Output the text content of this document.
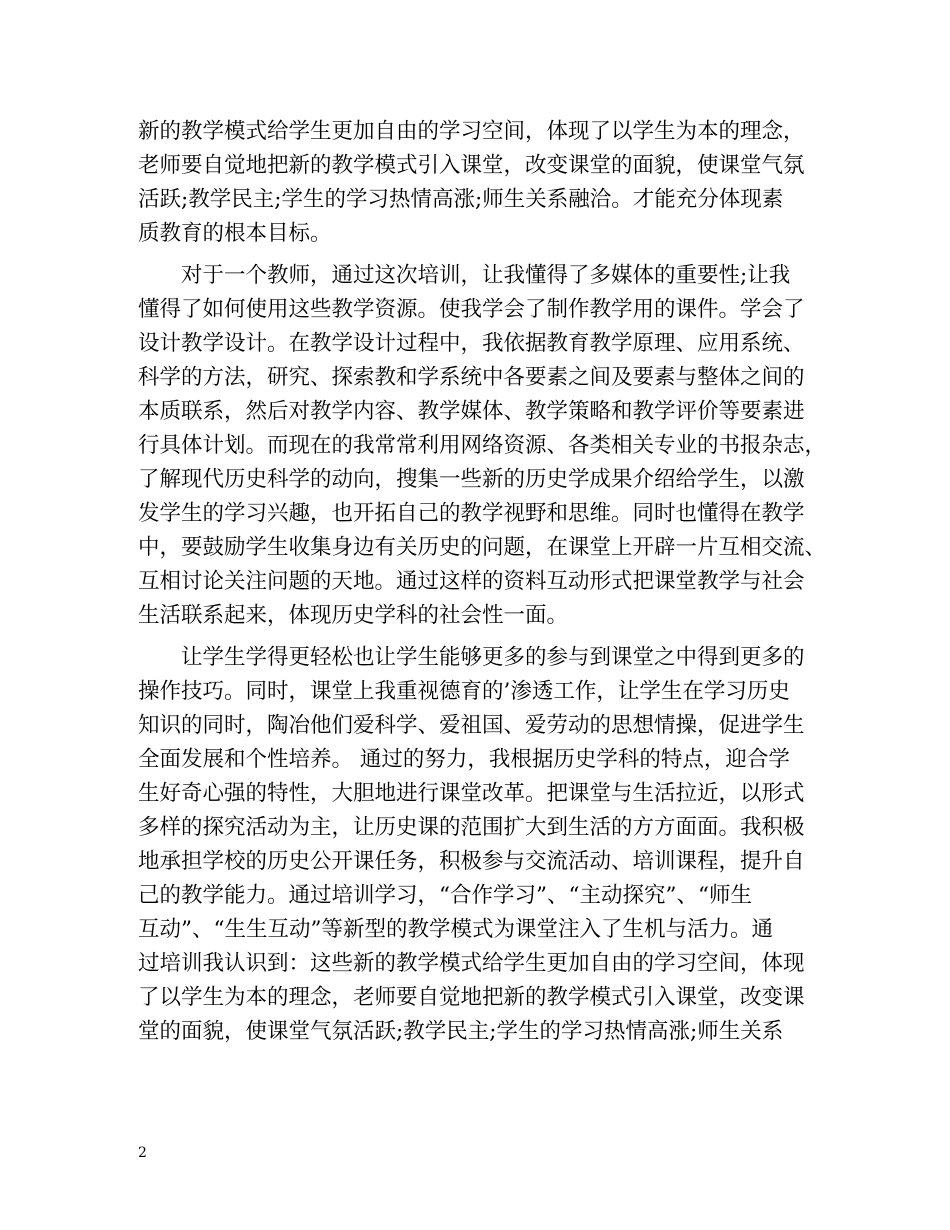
新的教学模式给学生更加自由的学习空间，体现了以学生为本的理念，
老师要自觉地把新的教学模式引入课堂，改变课堂的面貌，使课堂气氛
活跃;教学民主;学生的学习热情高涨;师生关系融洽。才能充分体现素
质教育的根本目标。
　　对于一个教师，通过这次培训，让我懂得了多媒体的重要性;让我
懂得了如何使用这些教学资源。使我学会了制作教学用的课件。学会了
设计教学设计。在教学设计过程中，我依据教育教学原理、应用系统、
科学的方法，研究、探索教和学系统中各要素之间及要素与整体之间的
本质联系，然后对教学内容、教学媒体、教学策略和教学评价等要素进
行具体计划。而现在的我常常利用网络资源、各类相关专业的书报杂志，
了解现代历史科学的动向，搜集一些新的历史学成果介绍给学生，以激
发学生的学习兴趣，也开拓自己的教学视野和思维。同时也懂得在教学
中，要鼓励学生收集身边有关历史的问题，在课堂上开辟一片互相交流、
互相讨论关注问题的天地。通过这样的资料互动形式把课堂教学与社会
生活联系起来，体现历史学科的社会性一面。
　　让学生学得更轻松也让学生能够更多的参与到课堂之中得到更多的
操作技巧。同时，课堂上我重视德育的’渗透工作，让学生在学习历史
知识的同时，陶冶他们爱科学、爱祖国、爱劳动的思想情操，促进学生
全面发展和个性培养。 通过的努力，我根据历史学科的特点，迎合学
生好奇心强的特性，大胆地进行课堂改革。把课堂与生活拉近，以形式
多样的探究活动为主，让历史课的范围扩大到生活的方方面面。我积极
地承担学校的历史公开课任务，积极参与交流活动、培训课程，提升自
己的教学能力。通过培训学习，“合作学习”、“主动探究”、“师生
互动”、“生生互动”等新型的教学模式为课堂注入了生机与活力。通
过培训我认识到：这些新的教学模式给学生更加自由的学习空间，体现
了以学生为本的理念，老师要自觉地把新的教学模式引入课堂，改变课
堂的面貌，使课堂气氛活跃;教学民主;学生的学习热情高涨;师生关系
2
